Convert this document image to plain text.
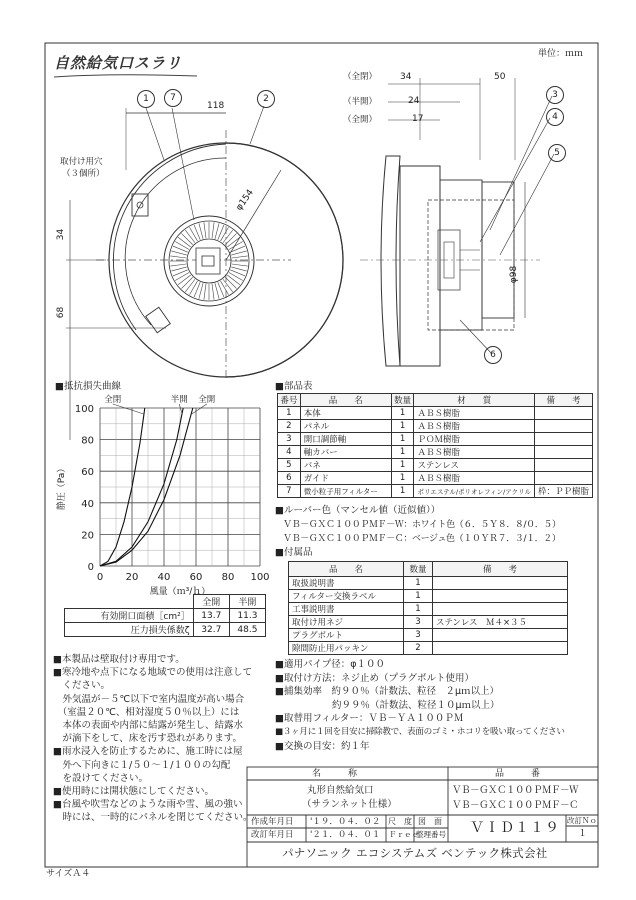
自然給気口スラリ	単位：ｍｍ
1	7	2
118
φ154
34
68
取付け用穴
（３個所）
（全閉）	34
（半開）	24
（全開）	17
50
φ98
3
4
5
6
■抵抗損失曲線
0 20 40 60 80 100
0
20
40
60
80
100
風量（ｍ³/ｈ）
静圧（Pa）
全閉	半開 全開
	全開	半開
有効開口面積［cm²］	13.7	11.3
圧力損失係数ζ	32.7	48.5
■部品表
番号	品　　名	数量	材　　質	備　　考
1	本体	1	ＡＢＳ樹脂	
2	パネル	1	ＡＢＳ樹脂	
3	開口調節軸	1	ＰＯＭ樹脂	
4	軸カバー	1	ＡＢＳ樹脂	
5	バネ	1	ステンレス	
6	ガイド	1	ＡＢＳ樹脂	
7	微小粒子用フィルター	1	ポリエステル/ポリオレフィン/アクリル	枠：ＰＰ樹脂
■ルーバー色（マンセル値（近似値））
ＶＢ－ＧＸＣ１００ＰＭＦ－Ｗ：ホワイト色（６．５Ｙ８．８/０．５）
ＶＢ－ＧＸＣ１００ＰＭＦ－Ｃ：ベージュ色（１０ＹＲ７．３/１．２）
■付属品
品　　名	数量	備　　考
取扱説明書	1	
フィルター交換ラベル	1	
工事説明書	1	
取付け用ネジ	3	ステンレス　Ｍ４×３５
プラグボルト	3	
隙間防止用パッキン	2	
■本製品は壁取付け専用です。
■寒冷地や点下になる地域での使用は注意して
　ください。
　外気温が－５℃以下で室内温度が高い場合
　（室温２０℃、相対湿度５０％以上）には
　本体の表面や内部に結露が発生し、結露水
　が滴下をして、床を汚す恐れがあります。
■雨水浸入を防止するために、施工時には屋
　外へ下向きに１/５０～１/１００の勾配
　を設けてください。
■使用時には開状態にしてください。
■台風や吹雪などのような雨や雪、風の強い
　時には、一時的にパネルを閉じてください。
■適用パイプ径：φ１００
■取付け方法：ネジ止め（プラグボルト使用）
■捕集効率　約９０％（計数法、粒径　２μｍ以上）
　　　　　　約９９％（計数法、粒径１０μｍ以上）
■取替用フィルター：ＶＢ－ＹＡ１００ＰＭ
■３ヶ月に１回を目安に掃除教で、表面のゴミ・ホコリを吸い取ってください
■交換の目安：約１年
名　　　称	品　　　番
丸形自然給気口
（サランネット仕様）
ＶＢ－ＧＸＣ１００ＰＭＦ－Ｗ
ＶＢ－ＧＸＣ１００ＰＭＦ－Ｃ
作成年月日 '１９．０４．０２
改訂年月日 '２１．０４．０１
尺　度
Ｆｒｅｅ
図　面
整理番号 ＶＩＤ１１９ 改訂Ｎｏ．
１
パナソニック エコシステムズ ベンテック株式会社
サイズＡ４
